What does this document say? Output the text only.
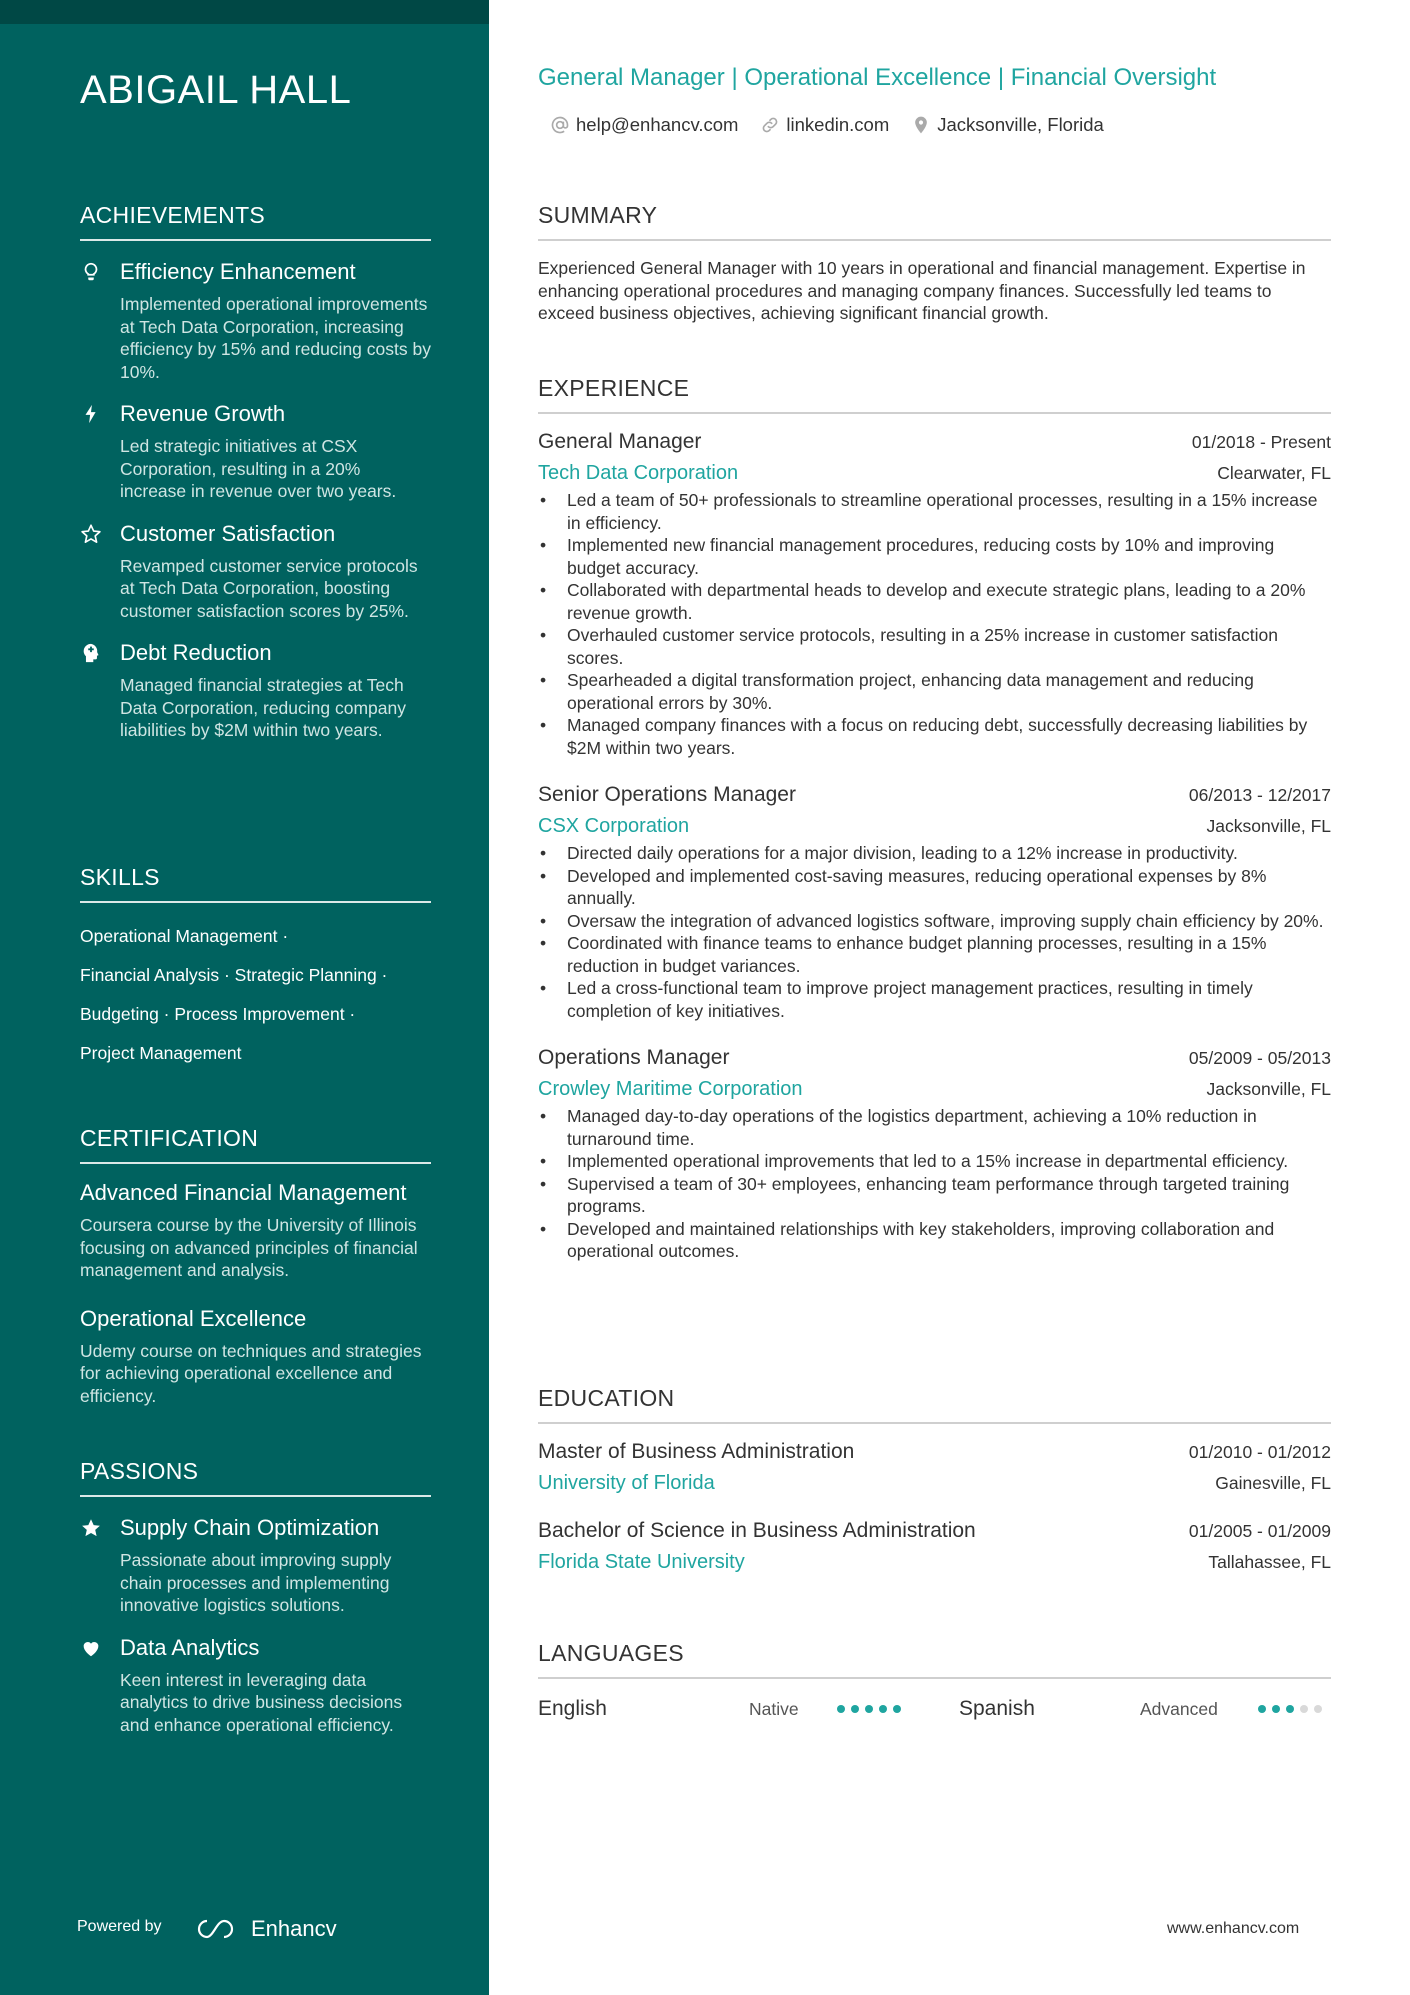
ABIGAIL HALL
ACHIEVEMENTS
Efficiency Enhancement
Implemented operational improvements at Tech Data Corporation, increasing efficiency by 15% and reducing costs by 10%.
Revenue Growth
Led strategic initiatives at CSX Corporation, resulting in a 20% increase in revenue over two years.
Customer Satisfaction
Revamped customer service protocols at Tech Data Corporation, boosting customer satisfaction scores by 25%.
Debt Reduction
Managed financial strategies at Tech Data Corporation, reducing company liabilities by $2M within two years.
SKILLS
Operational Management ·
Financial Analysis · Strategic Planning ·
Budgeting · Process Improvement ·
Project Management
CERTIFICATION
Advanced Financial Management
Coursera course by the University of Illinois focusing on advanced principles of financial management and analysis.
Operational Excellence
Udemy course on techniques and strategies for achieving operational excellence and efficiency.
PASSIONS
Supply Chain Optimization
Passionate about improving supply chain processes and implementing innovative logistics solutions.
Data Analytics
Keen interest in leveraging data analytics to drive business decisions and enhance operational efficiency.
Powered by	Enhancv
General Manager | Operational Excellence | Financial Oversight
help@enhancv.com	linkedin.com	Jacksonville, Florida
SUMMARY
Experienced General Manager with 10 years in operational and financial management. Expertise in enhancing operational procedures and managing company finances. Successfully led teams to exceed business objectives, achieving significant financial growth.
EXPERIENCE
General Manager	01/2018 - Present
Tech Data Corporation	Clearwater, FL
• Led a team of 50+ professionals to streamline operational processes, resulting in a 15% increase in efficiency.
• Implemented new financial management procedures, reducing costs by 10% and improving budget accuracy.
• Collaborated with departmental heads to develop and execute strategic plans, leading to a 20% revenue growth.
• Overhauled customer service protocols, resulting in a 25% increase in customer satisfaction scores.
• Spearheaded a digital transformation project, enhancing data management and reducing operational errors by 30%.
• Managed company finances with a focus on reducing debt, successfully decreasing liabilities by $2M within two years.
Senior Operations Manager	06/2013 - 12/2017
CSX Corporation	Jacksonville, FL
• Directed daily operations for a major division, leading to a 12% increase in productivity.
• Developed and implemented cost-saving measures, reducing operational expenses by 8% annually.
• Oversaw the integration of advanced logistics software, improving supply chain efficiency by 20%.
• Coordinated with finance teams to enhance budget planning processes, resulting in a 15% reduction in budget variances.
• Led a cross-functional team to improve project management practices, resulting in timely completion of key initiatives.
Operations Manager	05/2009 - 05/2013
Crowley Maritime Corporation	Jacksonville, FL
• Managed day-to-day operations of the logistics department, achieving a 10% reduction in turnaround time.
• Implemented operational improvements that led to a 15% increase in departmental efficiency.
• Supervised a team of 30+ employees, enhancing team performance through targeted training programs.
• Developed and maintained relationships with key stakeholders, improving collaboration and operational outcomes.
EDUCATION
Master of Business Administration	01/2010 - 01/2012
University of Florida	Gainesville, FL
Bachelor of Science in Business Administration	01/2005 - 01/2009
Florida State University	Tallahassee, FL
LANGUAGES
English	Native	Spanish	Advanced
www.enhancv.com
